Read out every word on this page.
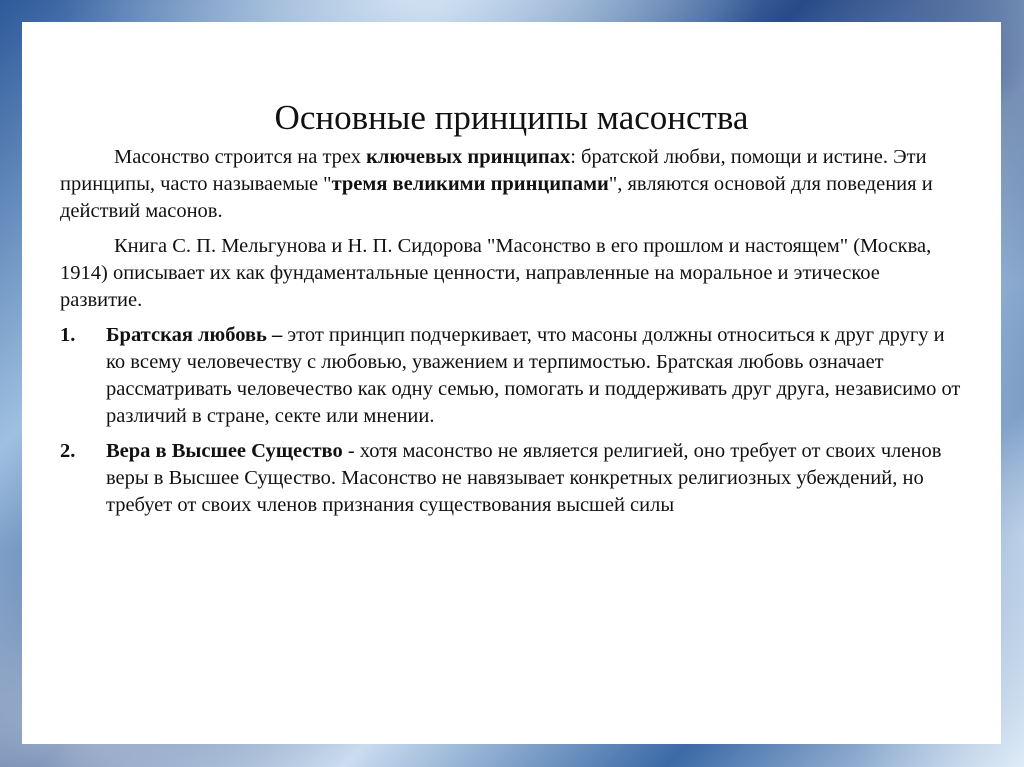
Основные принципы масонства

Масонство строится на трех ключевых принципах: братской любви, помощи и истине. Эти принципы, часто называемые "тремя великими принципами", являются основой для поведения и действий масонов.

Книга С. П. Мельгунова и Н. П. Сидорова "Масонство в его прошлом и настоящем" (Москва, 1914) описывает их как фундаментальные ценности, направленные на моральное и этическое развитие.

1. Братская любовь – этот принцип подчеркивает, что масоны должны относиться к друг другу и ко всему человечеству с любовью, уважением и терпимостью. Братская любовь означает рассматривать человечество как одну семью, помогать и поддерживать друг друга, независимо от различий в стране, секте или мнении.
2. Вера в Высшее Существо - хотя масонство не является религией, оно требует от своих членов веры в Высшее Существо. Масонство не навязывает конкретных религиозных убеждений, но требует от своих членов признания существования высшей силы
